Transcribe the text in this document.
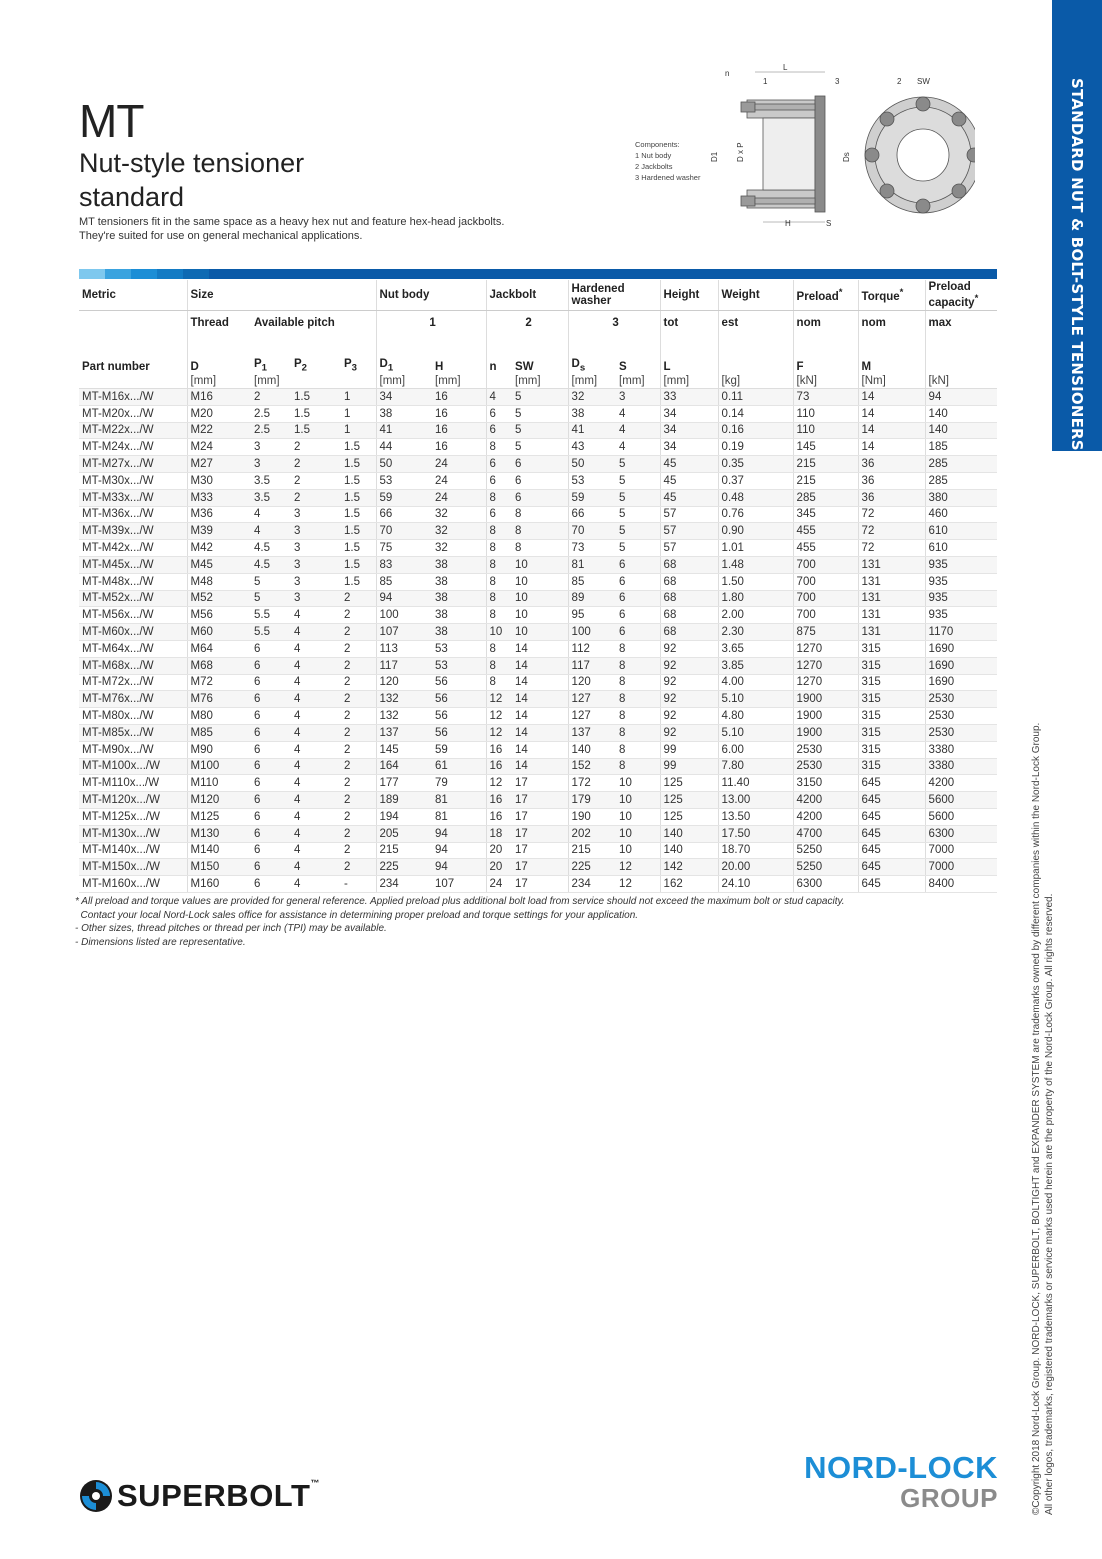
MT
Nut-style tensioner
standard
MT tensioners fit in the same space as a heavy hex nut and feature hex-head jackbolts.
They're suited for use on general mechanical applications.
Components:
1 Nut body
2 Jackbolts
3 Hardened washer
n
1
L
3
H	S
D1 D x P	Ds
2 SW	STANDARD NUT & BOLT-STYLE TENSIONERS
©Copyright 2018 Nord-Lock Group. NORD-LOCK, SUPERBOLT, BOLTIGHT and EXPANDER SYSTEM are trademarks owned by different companies within the Nord-Lock Group. All other logos, trademarks, registered trademarks or service marks used herein are the property of the Nord-Lock Group. All rights reserved.
Metric	Size				Nut body		Jackbolt		Hardened washer		Height	Weight	Preload*	Torque*	Preload capacity*
	Thread	Available pitch			1		2		3		tot	est	nom	nom	max
Part number	D	$P_1$	$P_2$	$P_3$	$D_1$	H	n	SW	$D_s$	S	L		F	M	
	[mm]	[mm]			[mm]	[mm]		[mm]	[mm]	[mm]	[mm]	[kg]	[kN]	[Nm]	[kN]
MT-M16x.../W	M16	2	1.5	1	34	16	4	5	32	3	33	0.11	73	14	94
MT-M20x.../W	M20	2.5	1.5	1	38	16	6	5	38	4	34	0.14	110	14	140
MT-M22x.../W	M22	2.5	1.5	1	41	16	6	5	41	4	34	0.16	110	14	140
MT-M24x.../W	M24	3	2	1.5	44	16	8	5	43	4	34	0.19	145	14	185
MT-M27x.../W	M27	3	2	1.5	50	24	6	6	50	5	45	0.35	215	36	285
MT-M30x.../W	M30	3.5	2	1.5	53	24	6	6	53	5	45	0.37	215	36	285
MT-M33x.../W	M33	3.5	2	1.5	59	24	8	6	59	5	45	0.48	285	36	380
MT-M36x.../W	M36	4	3	1.5	66	32	6	8	66	5	57	0.76	345	72	460
MT-M39x.../W	M39	4	3	1.5	70	32	8	8	70	5	57	0.90	455	72	610
MT-M42x.../W	M42	4.5	3	1.5	75	32	8	8	73	5	57	1.01	455	72	610
MT-M45x.../W	M45	4.5	3	1.5	83	38	8	10	81	6	68	1.48	700	131	935
MT-M48x.../W	M48	5	3	1.5	85	38	8	10	85	6	68	1.50	700	131	935
MT-M52x.../W	M52	5	3	2	94	38	8	10	89	6	68	1.80	700	131	935
MT-M56x.../W	M56	5.5	4	2	100	38	8	10	95	6	68	2.00	700	131	935
MT-M60x.../W	M60	5.5	4	2	107	38	10	10	100	6	68	2.30	875	131	1170
MT-M64x.../W	M64	6	4	2	113	53	8	14	112	8	92	3.65	1270	315	1690
MT-M68x.../W	M68	6	4	2	117	53	8	14	117	8	92	3.85	1270	315	1690
MT-M72x.../W	M72	6	4	2	120	56	8	14	120	8	92	4.00	1270	315	1690
MT-M76x.../W	M76	6	4	2	132	56	12	14	127	8	92	5.10	1900	315	2530
MT-M80x.../W	M80	6	4	2	132	56	12	14	127	8	92	4.80	1900	315	2530
MT-M85x.../W	M85	6	4	2	137	56	12	14	137	8	92	5.10	1900	315	2530
MT-M90x.../W	M90	6	4	2	145	59	16	14	140	8	99	6.00	2530	315	3380
MT-M100x.../W	M100	6	4	2	164	61	16	14	152	8	99	7.80	2530	315	3380
MT-M110x.../W	M110	6	4	2	177	79	12	17	172	10	125	11.40	3150	645	4200
MT-M120x.../W	M120	6	4	2	189	81	16	17	179	10	125	13.00	4200	645	5600
MT-M125x.../W	M125	6	4	2	194	81	16	17	190	10	125	13.50	4200	645	5600
MT-M130x.../W	M130	6	4	2	205	94	18	17	202	10	140	17.50	4700	645	6300
MT-M140x.../W	M140	6	4	2	215	94	20	17	215	10	140	18.70	5250	645	7000
MT-M150x.../W	M150	6	4	2	225	94	20	17	225	12	142	20.00	5250	645	7000
MT-M160x.../W	M160	6	4	-	234	107	24	17	234	12	162	24.10	6300	645	8400
* All preload and torque values are provided for general reference. Applied preload plus additional bolt load from service should not exceed the maximum bolt or stud capacity.
Contact your local Nord-Lock sales office for assistance in determining proper preload and torque settings for your application.
- Other sizes, thread pitches or thread per inch (TPI) may be available.
- Dimensions listed are representative.
SUPERBOLT™	NORD-LOCK
GROUP
